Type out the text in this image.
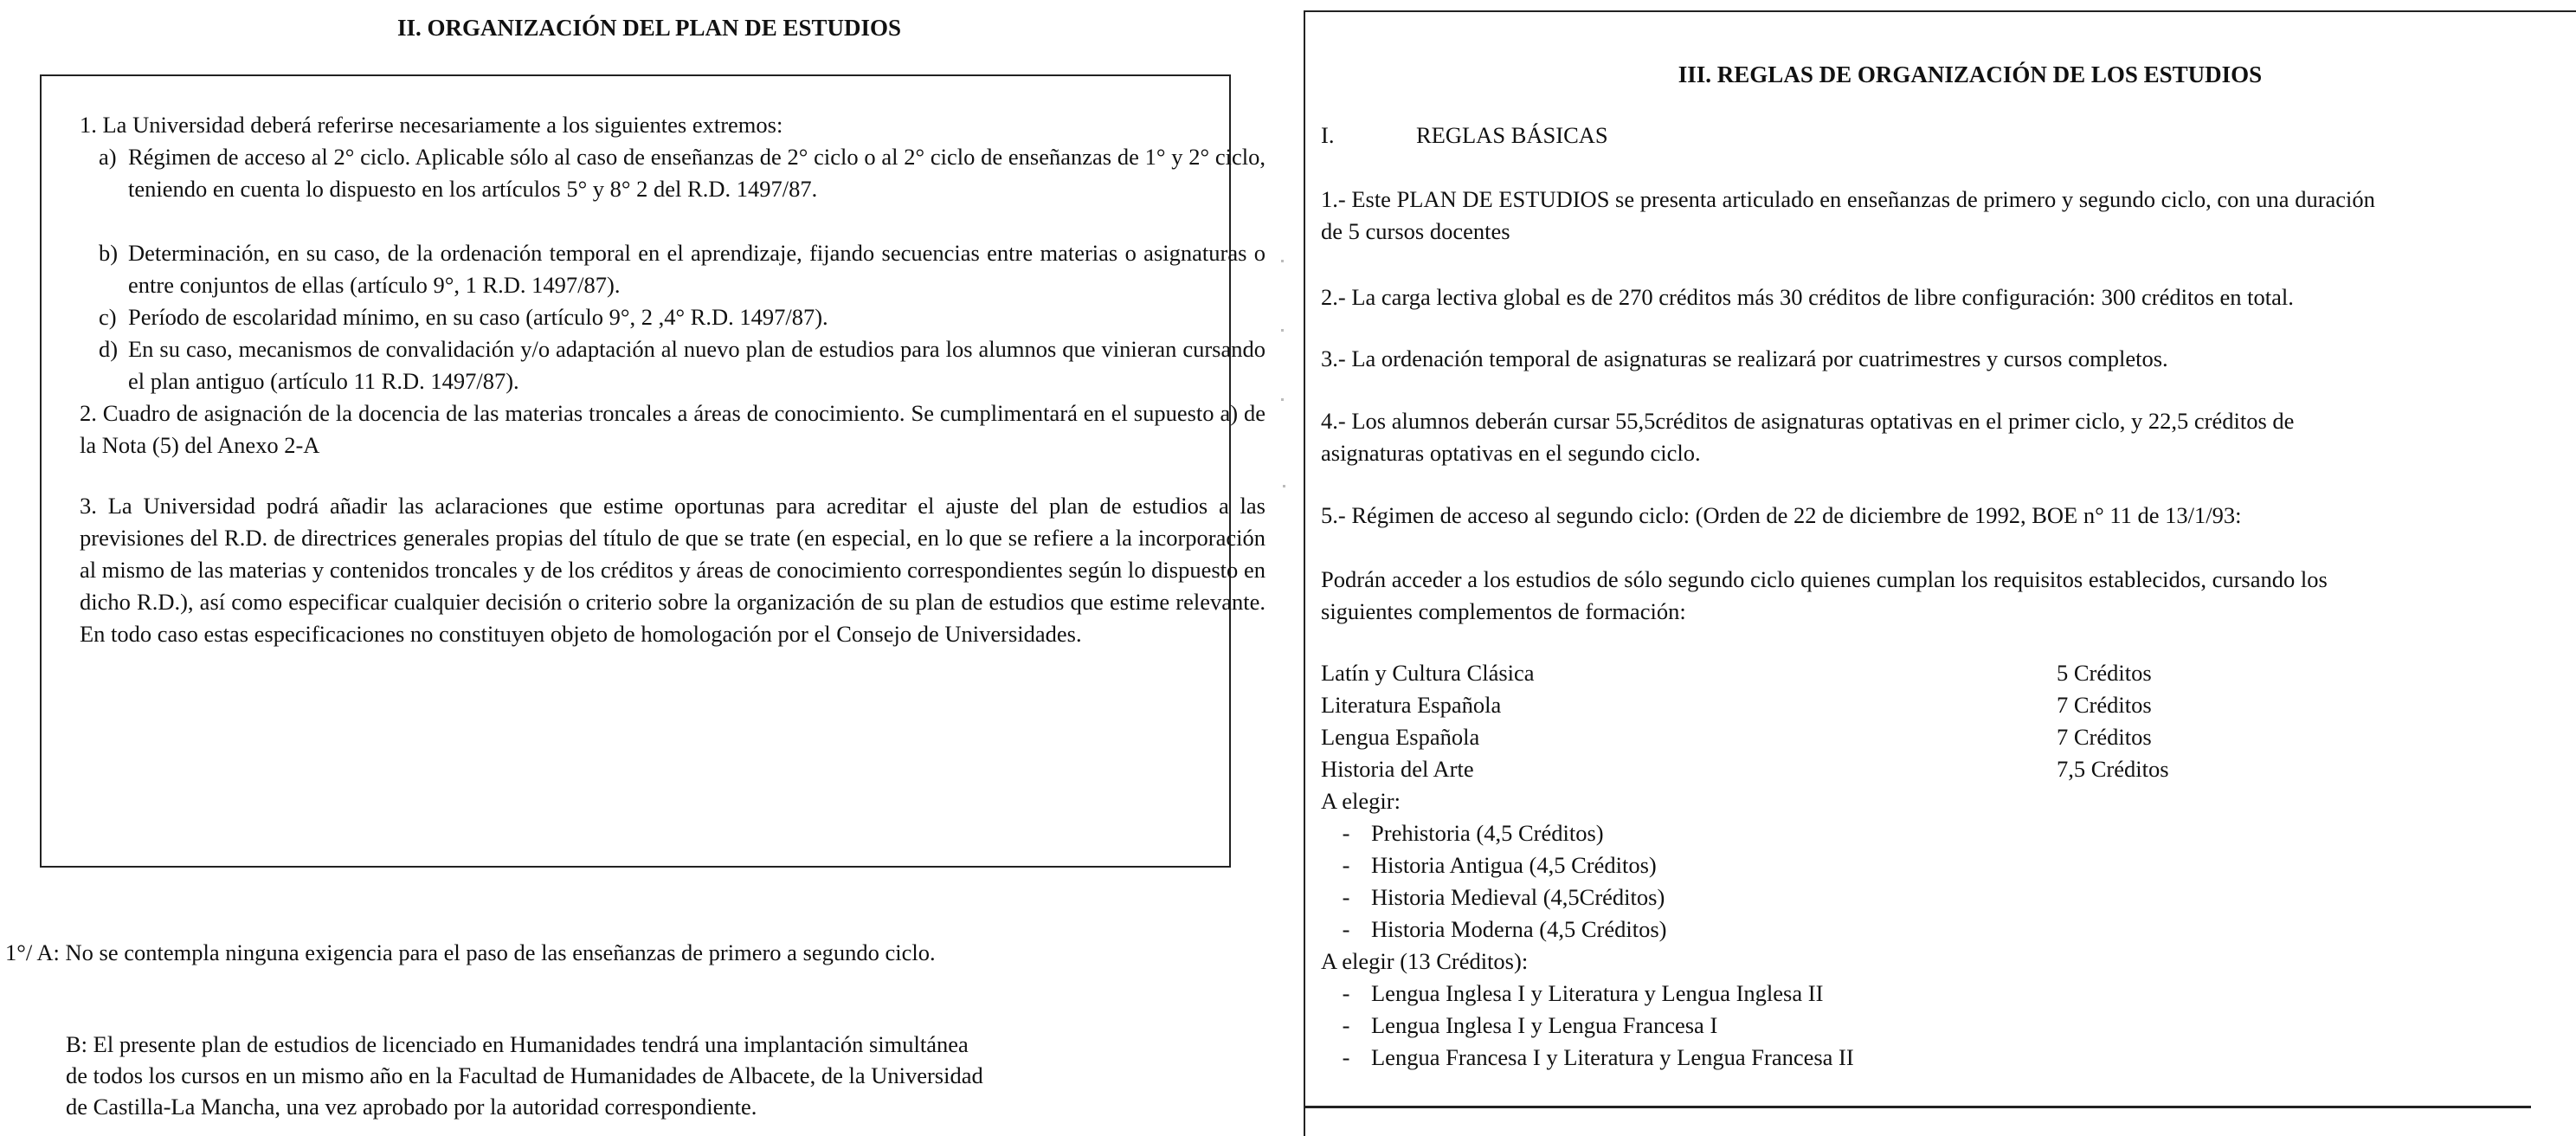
II. ORGANIZACIÓN DEL PLAN DE ESTUDIOS

1. La Universidad deberá referirse necesariamente a los siguientes extremos:

a) Régimen de acceso al 2° ciclo. Aplicable sólo al caso de enseñanzas de 2° ciclo o al 2° ciclo de enseñanzas de 1° y 2° ciclo, teniendo en cuenta lo dispuesto en los artículos 5° y 8° 2 del R.D. 1497/87.
b) Determinación, en su caso, de la ordenación temporal en el aprendizaje, fijando secuencias entre materias o asignaturas o entre conjuntos de ellas (artículo 9°, 1 R.D. 1497/87).
c) Período de escolaridad mínimo, en su caso (artículo 9°, 2 ,4° R.D. 1497/87).
d) En su caso, mecanismos de convalidación y/o adaptación al nuevo plan de estudios para los alumnos que vinieran cursando el plan antiguo (artículo 11 R.D. 1497/87).

2. Cuadro de asignación de la docencia de las materias troncales a áreas de conocimiento. Se cumplimentará en el supuesto a) de la Nota (5) del Anexo 2-A

3. La Universidad podrá añadir las aclaraciones que estime oportunas para acreditar el ajuste del plan de estudios a las previsiones del R.D. de directrices generales propias del título de que se trate (en especial, en lo que se refiere a la incorporación al mismo de las materias y contenidos troncales y de los créditos y áreas de conocimiento correspondientes según lo dispuesto en dicho R.D.), así como especificar cualquier decisión o criterio sobre la organización de su plan de estudios que estime relevante. En todo caso estas especificaciones no constituyen objeto de homologación por el Consejo de Universidades.

1°/ A: No se contempla ninguna exigencia para el paso de las enseñanzas de primero a segundo ciclo.

B: El presente plan de estudios de licenciado en Humanidades tendrá una implantación simultánea
de todos los cursos en un mismo año en la Facultad de Humanidades de Albacete, de la Universidad
de Castilla-La Mancha, una vez aprobado por la autoridad correspondiente.
III. REGLAS DE ORGANIZACIÓN DE LOS ESTUDIOS
I.	REGLAS BÁSICAS
1.- Este PLAN DE ESTUDIOS se presenta articulado en enseñanzas de primero y segundo ciclo, con una duración
de 5 cursos docentes

2.- La carga lectiva global es de 270 créditos más 30 créditos de libre configuración: 300 créditos en total.

3.- La ordenación temporal de asignaturas se realizará por cuatrimestres y cursos completos.

4.- Los alumnos deberán cursar 55,5créditos de asignaturas optativas en el primer ciclo, y 22,5 créditos de
asignaturas optativas en el segundo ciclo.

5.- Régimen de acceso al segundo ciclo: (Orden de 22 de diciembre de 1992, BOE n° 11 de 13/1/93:

Podrán acceder a los estudios de sólo segundo ciclo quienes cumplan los requisitos establecidos, cursando los
siguientes complementos de formación:
Latín y Cultura Clásica	5 Créditos
Literatura Española	7 Créditos
Lengua Española	7 Créditos
Historia del Arte	7,5 Créditos
A elegir:
- Prehistoria (4,5 Créditos)
- Historia Antigua (4,5 Créditos)
- Historia Medieval (4,5Créditos)
- Historia Moderna (4,5 Créditos)
A elegir (13 Créditos):
- Lengua Inglesa I y Literatura y Lengua Inglesa II
- Lengua Inglesa I y Lengua Francesa I
- Lengua Francesa I y Literatura y Lengua Francesa II
